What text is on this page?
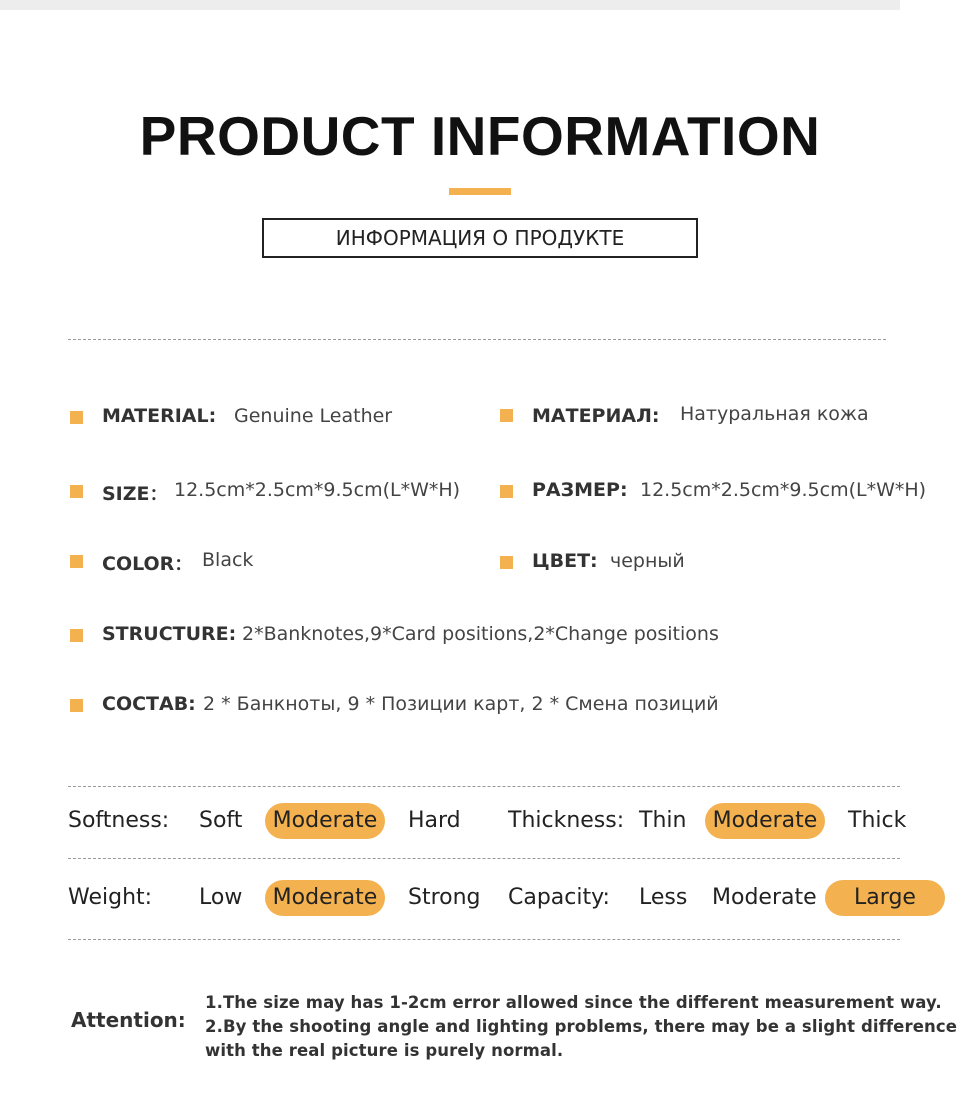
PRODUCT INFORMATION
ИНФОРМАЦИЯ О ПРОДУКТЕ
MATERIAL: Genuine Leather	МАТЕРИАЛ: Натуральная кожа
SIZE： 12.5cm*2.5cm*9.5cm(L*W*H)	РАЗМЕР: 12.5cm*2.5cm*9.5cm(L*W*H)
COLOR： Black	ЦВЕТ: черный
STRUCTURE: 2*Banknotes,9*Card positions,2*Change positions
СОСТАВ: 2 * Банкноты, 9 * Позиции карт, 2 * Смена позиций
Softness: Soft	Moderate	Hard Thickness: Thin	Moderate	Thick
Weight: Low	Moderate	Strong Capacity: Less Moderate	Large
Attention:
1.The size may has 1-2cm error allowed since the different measurement way.
2.By the shooting angle and lighting problems, there may be a slight difference
with the real picture is purely normal.
